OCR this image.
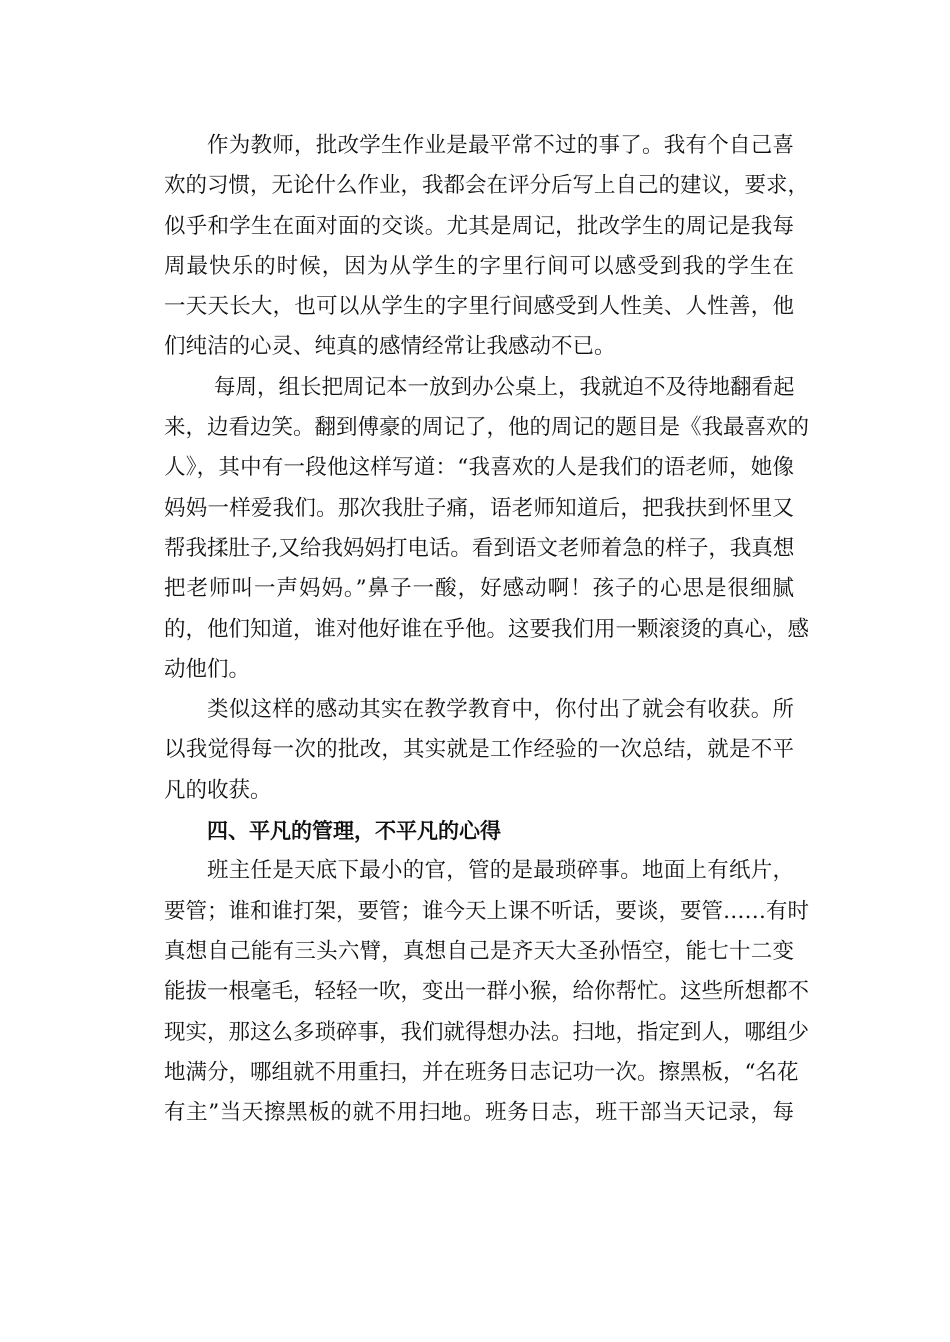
作为教师，批改学生作业是最平常不过的事了。我有个自己喜
欢的习惯，无论什么作业，我都会在评分后写上自己的建议，要求，
似乎和学生在面对面的交谈。尤其是周记，批改学生的周记是我每
周最快乐的时候，因为从学生的字里行间可以感受到我的学生在
一天天长大，也可以从学生的字里行间感受到人性美、人性善，他
们纯洁的心灵、纯真的感情经常让我感动不已。
每周，组长把周记本一放到办公桌上，我就迫不及待地翻看起
来，边看边笑。翻到傅豪的周记了，他的周记的题目是《我最喜欢的
人》，其中有一段他这样写道：“我喜欢的人是我们的语老师，她像
妈妈一样爱我们。那次我肚子痛，语老师知道后，把我扶到怀里又
帮我揉肚子,又给我妈妈打电话。看到语文老师着急的样子，我真想
把老师叫一声妈妈。”鼻子一酸，好感动啊！孩子的心思是很细腻
的，他们知道，谁对他好谁在乎他。这要我们用一颗滚烫的真心，感
动他们。
类似这样的感动其实在教学教育中，你付出了就会有收获。所
以我觉得每一次的批改，其实就是工作经验的一次总结，就是不平
凡的收获。
四、平凡的管理，不平凡的心得
班主任是天底下最小的官，管的是最琐碎事。地面上有纸片，
要管；谁和谁打架，要管；谁今天上课不听话，要谈，要管……有时
真想自己能有三头六臂，真想自己是齐天大圣孙悟空，能七十二变
能拔一根毫毛，轻轻一吹，变出一群小猴，给你帮忙。这些所想都不
现实，那这么多琐碎事，我们就得想办法。扫地，指定到人，哪组少
地满分，哪组就不用重扫，并在班务日志记功一次。擦黑板，“名花
有主”当天擦黑板的就不用扫地。班务日志，班干部当天记录，每
